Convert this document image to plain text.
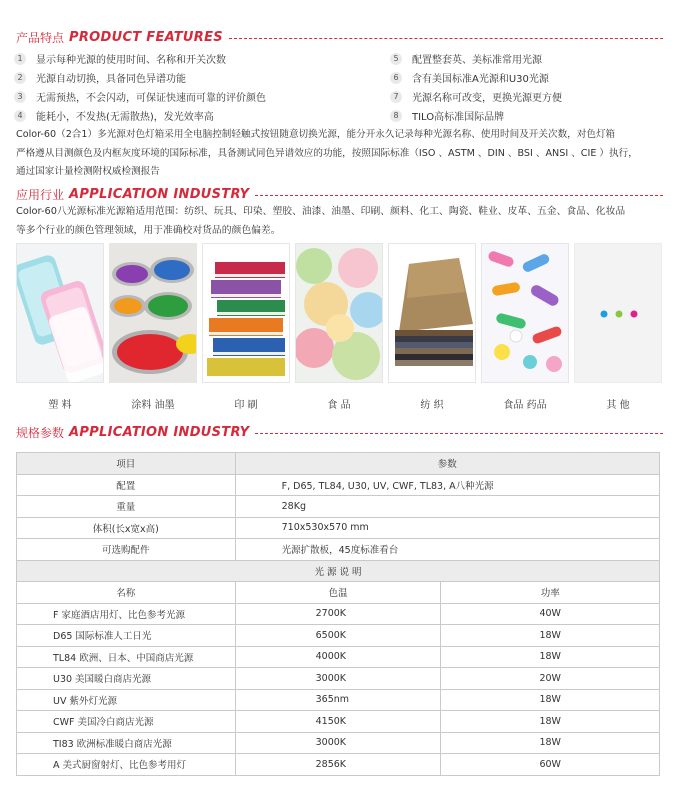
产品特点 PRODUCT FEATURES
1	显示每种光源的使用时间、名称和开关次数
2	光源自动切换，具备同色异谱功能
3	无需预热，不会闪动，可保证快速而可靠的评价颜色
4	能耗小，不发热(无需散热)，发光效率高
5	配置整套英、美标准常用光源
6	含有美国标准A光源和U30光源
7	光源名称可改变，更换光源更方便
8	TILO高标准国际品牌
Color-60（2合1）多光源对色灯箱采用全电脑控制轻触式按钮随意切换光源，能分开永久记录每种光源名称、使用时间及开关次数，对色灯箱
严格遵从目测颜色及内框灰度环境的国际标准，具备测试同色异谱效应的功能，按照国际标准（ISO 、ASTM 、DIN 、BSI 、ANSI 、CIE ）执行，
通过国家计量检测附权威检测报告
应用行业 APPLICATION INDUSTRY
Color-60八光源标准光源箱适用范围：纺织、玩具、印染、塑胶、油漆、油墨、印刷、颜料、化工、陶瓷、鞋业、皮革、五金、食品、化妆品
等多个行业的颜色管理领域，用于准确校对货品的颜色偏差。
塑 料	涂料 油墨	印 刷	食 品	纺 织	食品 药品	其 他
规格参数 APPLICATION INDUSTRY
项目	参数	
配置	F, D65, TL84, U30, UV, CWF, TL83, A八种光源	
重量	28Kg	
体积(长x宽x高)	710x530x570 mm	
可选购配件	光源扩散板，45度标准看台	
光 源 说 明		
名称	色温	功率
F 家庭酒店用灯、比色参考光源	2700K	40W
D65 国际标准人工日光	6500K	18W
TL84 欧洲、日本、中国商店光源	4000K	18W
U30 美国暖白商店光源	3000K	20W
UV 紫外灯光源	365nm	18W
CWF 美国冷白商店光源	4150K	18W
TI83 欧洲标准暖白商店光源	3000K	18W
A 美式厨窗射灯、比色参考用灯	2856K	60W
